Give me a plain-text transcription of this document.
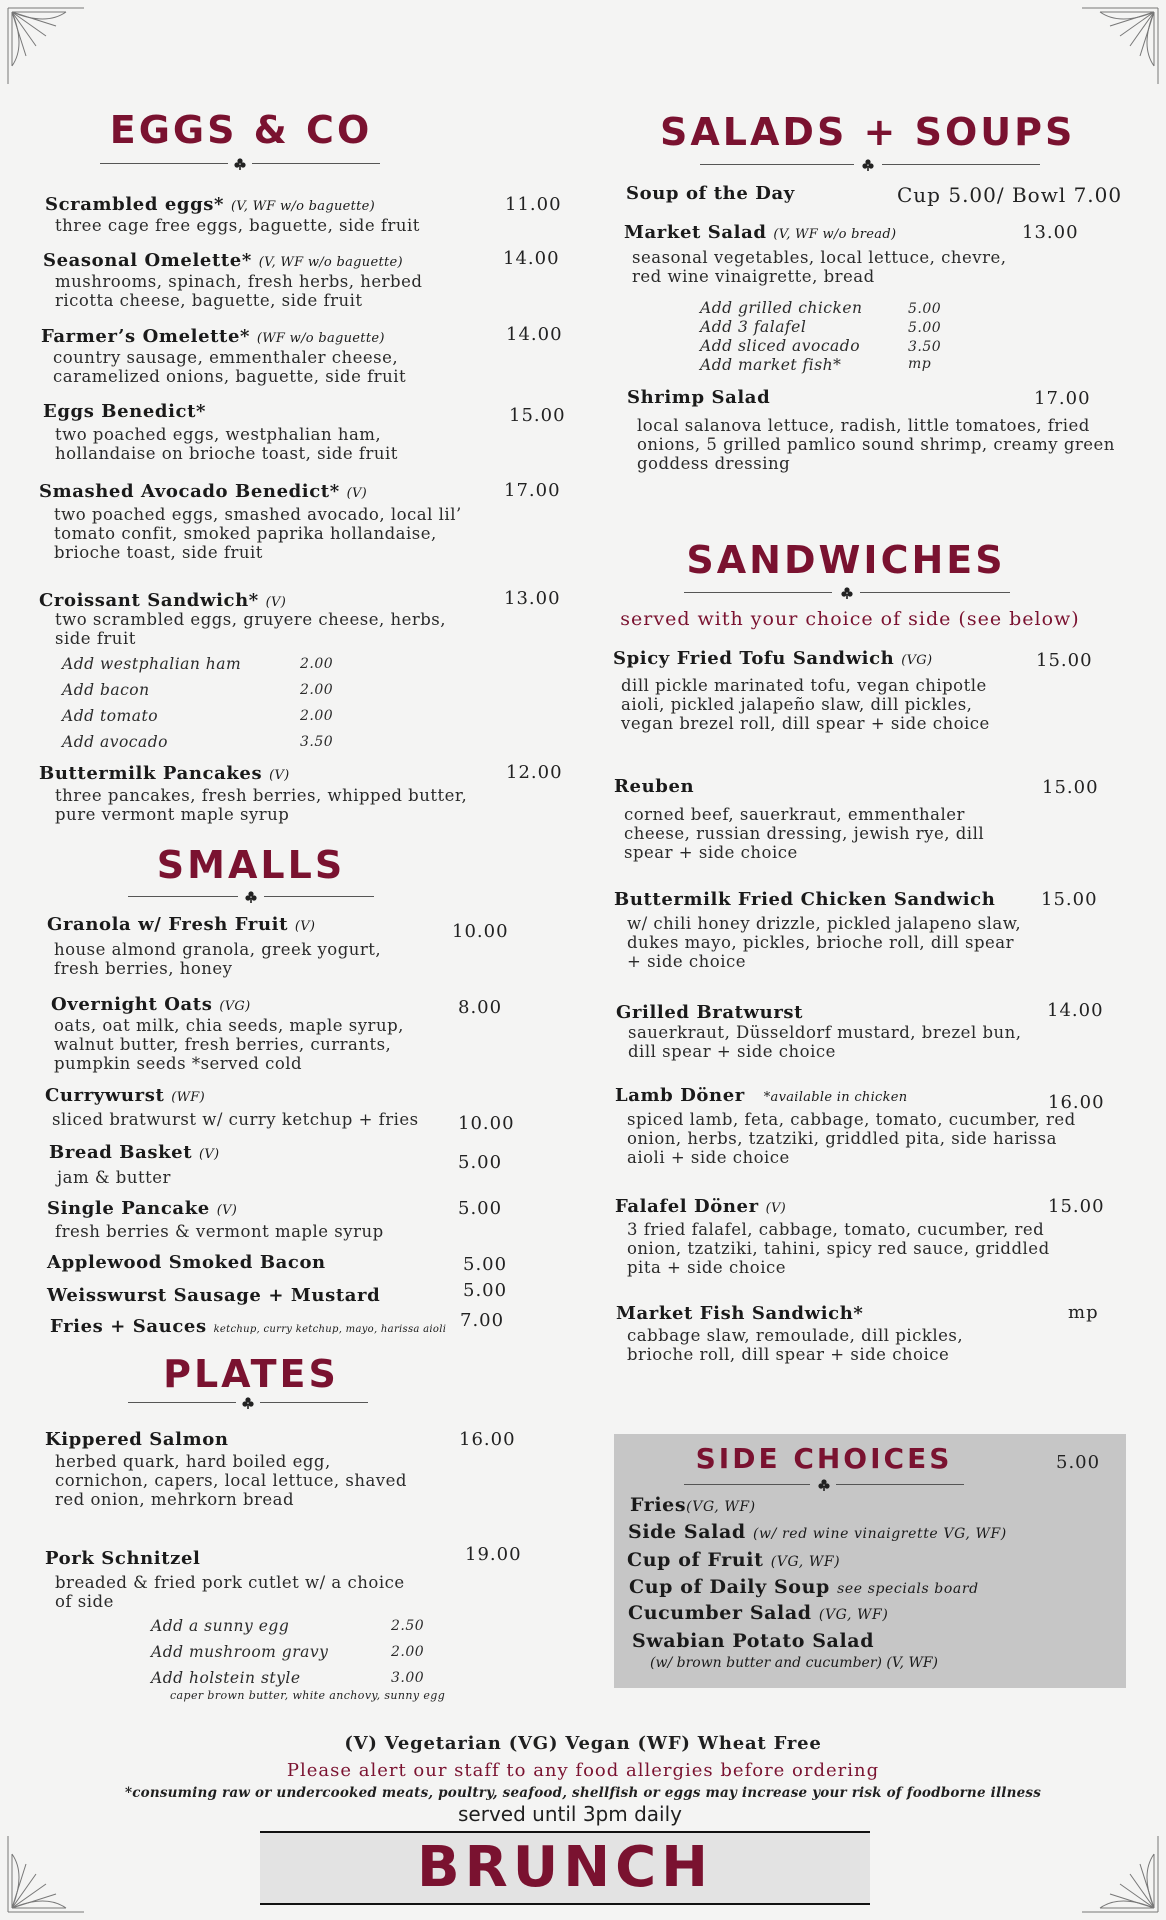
EGGS & CO
Scrambled eggs* (V, WF w/o baguette)	11.00
three cage free eggs, baguette, side fruit
Seasonal Omelette* (V, WF w/o baguette)	14.00
mushrooms, spinach, fresh herbs, herbed ricotta cheese, baguette, side fruit
Farmer’s Omelette* (WF w/o baguette)	14.00
country sausage, emmenthaler cheese, caramelized onions, baguette, side fruit
Eggs Benedict*	15.00
two poached eggs, westphalian ham, hollandaise on brioche toast, side fruit
Smashed Avocado Benedict* (V)	17.00
two poached eggs, smashed avocado, local lil’ tomato confit, smoked paprika hollandaise, brioche toast, side fruit
Croissant Sandwich* (V)	13.00
two scrambled eggs, gruyere cheese, herbs, side fruit
Add westphalian ham	2.00
Add bacon	2.00
Add tomato	2.00
Add avocado	3.50
Buttermilk Pancakes (V)	12.00
three pancakes, fresh berries, whipped butter, pure vermont maple syrup
SMALLS
Granola w/ Fresh Fruit (V)	10.00
house almond granola, greek yogurt, fresh berries, honey
Overnight Oats (VG)	8.00
oats, oat milk, chia seeds, maple syrup, walnut butter, fresh berries, currants, pumpkin seeds *served cold
Currywurst (WF)
sliced bratwurst w/ curry ketchup + fries	10.00
Bread Basket (V)	5.00
jam & butter
Single Pancake (V)	5.00
fresh berries & vermont maple syrup
Applewood Smoked Bacon	5.00
Weisswurst Sausage + Mustard	5.00
Fries + Sauces ketchup, curry ketchup, mayo, harissa aioli 7.00
PLATES
Kippered Salmon	16.00
herbed quark, hard boiled egg, cornichon, capers, local lettuce, shaved red onion, mehrkorn bread
Pork Schnitzel	19.00
breaded & fried pork cutlet w/ a choice of side
Add a sunny egg	2.50
Add mushroom gravy	2.00
Add holstein style	3.00
caper brown butter, white anchovy, sunny egg
SALADS + SOUPS
Soup of the Day	Cup 5.00/ Bowl 7.00
Market Salad (V, WF w/o bread)	13.00
seasonal vegetables, local lettuce, chevre, red wine vinaigrette, bread
Add grilled chicken	5.00
Add 3 falafel	5.00
Add sliced avocado	3.50
Add market fish*	mp
Shrimp Salad	17.00
local salanova lettuce, radish, little tomatoes, fried onions, 5 grilled pamlico sound shrimp, creamy green goddess dressing
SANDWICHES
served with your choice of side (see below)
Spicy Fried Tofu Sandwich (VG)	15.00
dill pickle marinated tofu, vegan chipotle aioli, pickled jalapeño slaw, dill pickles, vegan brezel roll, dill spear + side choice
Reuben	15.00
corned beef, sauerkraut, emmenthaler cheese, russian dressing, jewish rye, dill spear + side choice
Buttermilk Fried Chicken Sandwich	15.00
w/ chili honey drizzle, pickled jalapeno slaw, dukes mayo, pickles, brioche roll, dill spear + side choice
Grilled Bratwurst	14.00
sauerkraut, Düsseldorf mustard, brezel bun, dill spear + side choice
Lamb Döner *available in chicken	16.00
spiced lamb, feta, cabbage, tomato, cucumber, red onion, herbs, tzatziki, griddled pita, side harissa aioli + side choice
Falafel Döner (V)	15.00
3 fried falafel, cabbage, tomato, cucumber, red onion, tzatziki, tahini, spicy red sauce, griddled pita + side choice
Market Fish Sandwich*	mp
cabbage slaw, remoulade, dill pickles, brioche roll, dill spear + side choice
SIDE CHOICES	5.00
Fries(VG, WF)
Side Salad (w/ red wine vinaigrette VG, WF)
Cup of Fruit (VG, WF)
Cup of Daily Soup see specials board
Cucumber Salad (VG, WF)
Swabian Potato Salad
(w/ brown butter and cucumber) (V, WF)
(V) Vegetarian (VG) Vegan (WF) Wheat Free
Please alert our staff to any food allergies before ordering
*consuming raw or undercooked meats, poultry, seafood, shellfish or eggs may increase your risk of foodborne illness
served until 3pm daily
BRUNCH
